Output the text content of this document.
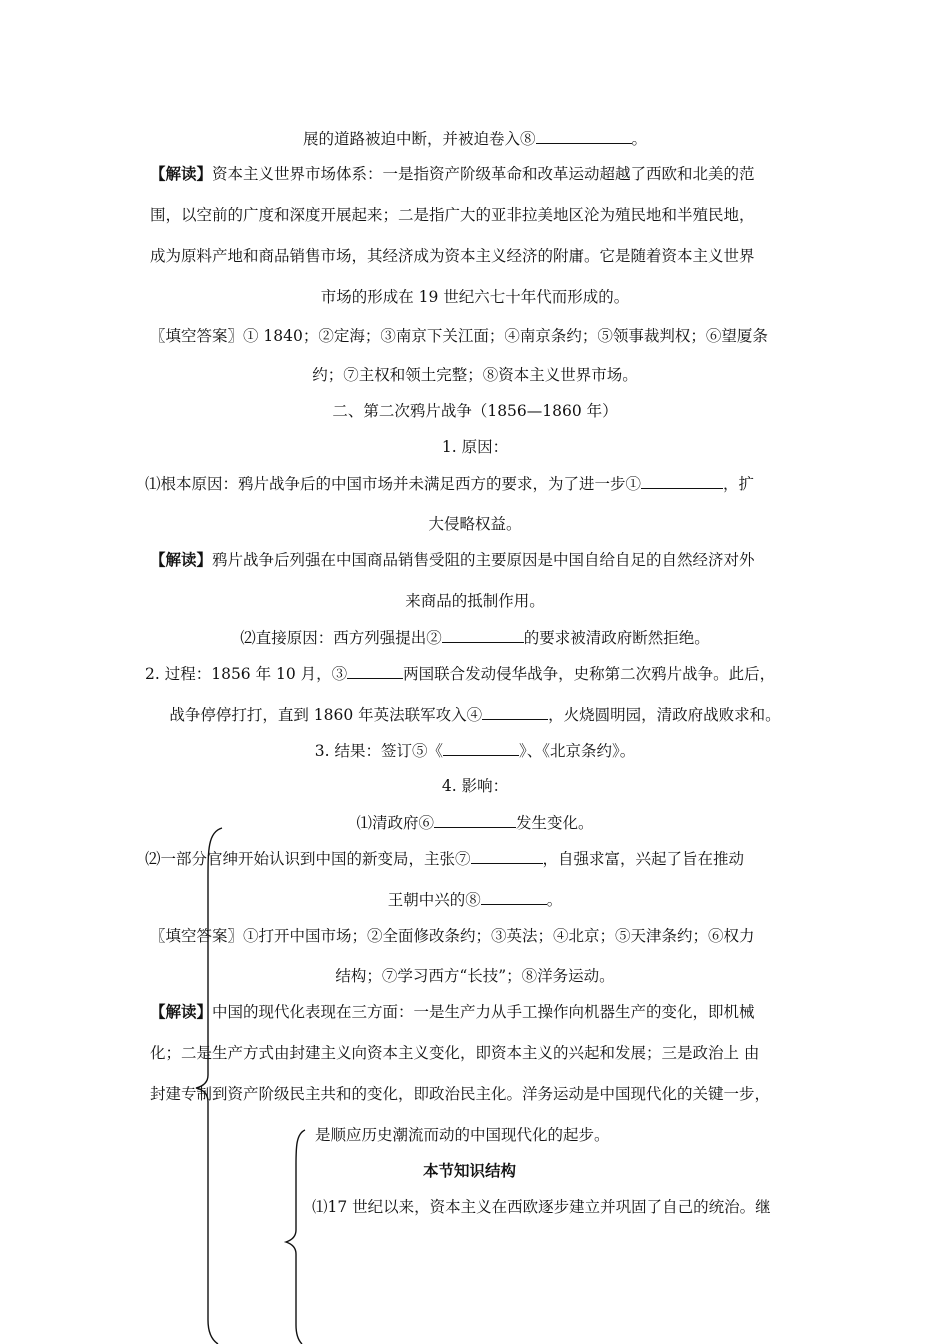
展的道路被迫中断，并被迫卷入⑧	。
【解读】资本主义世界市场体系：一是指资产阶级革命和改革运动超越了西欧和北美的范
围，以空前的广度和深度开展起来；二是指广大的亚非拉美地区沦为殖民地和半殖民地，
成为原料产地和商品销售市场，其经济成为资本主义经济的附庸。它是随着资本主义世界
市场的形成在 19 世纪六七十年代而形成的。
〖填空答案〗① 1840；②定海；③南京下关江面；④南京条约；⑤领事裁判权；⑥望厦条
约；⑦主权和领土完整；⑧资本主义世界市场。
二、第二次鸦片战争（1856—1860 年）
1. 原因：
⑴根本原因：鸦片战争后的中国市场并未满足西方的要求，为了进一步①	，扩
大侵略权益。
【解读】鸦片战争后列强在中国商品销售受阻的主要原因是中国自给自足的自然经济对外
来商品的抵制作用。
⑵直接原因：西方列强提出②	的要求被清政府断然拒绝。
2. 过程：1856 年 10 月，③	两国联合发动侵华战争，史称第二次鸦片战争。此后，
战争停停打打，直到 1860 年英法联军攻入④	，火烧圆明园，清政府战败求和。
3. 结果：签订⑤《	》、《北京条约》。
4. 影响：
⑴清政府⑥	发生变化。
⑵一部分官绅开始认识到中国的新变局，主张⑦	，自强求富，兴起了旨在推动
王朝中兴的⑧	。
〖填空答案〗①打开中国市场；②全面修改条约；③英法；④北京；⑤天津条约；⑥权力
结构；⑦学习西方“长技”；⑧洋务运动。
【解读】中国的现代化表现在三方面：一是生产力从手工操作向机器生产的变化，即机械
化；二是生产方式由封建主义向资本主义变化，即资本主义的兴起和发展；三是政治上 由
封建专制到资产阶级民主共和的变化，即政治民主化。洋务运动是中国现代化的关键一步，
是顺应历史潮流而动的中国现代化的起步。
本节知识结构
⑴17 世纪以来，资本主义在西欧逐步建立并巩固了自己的统治。继
